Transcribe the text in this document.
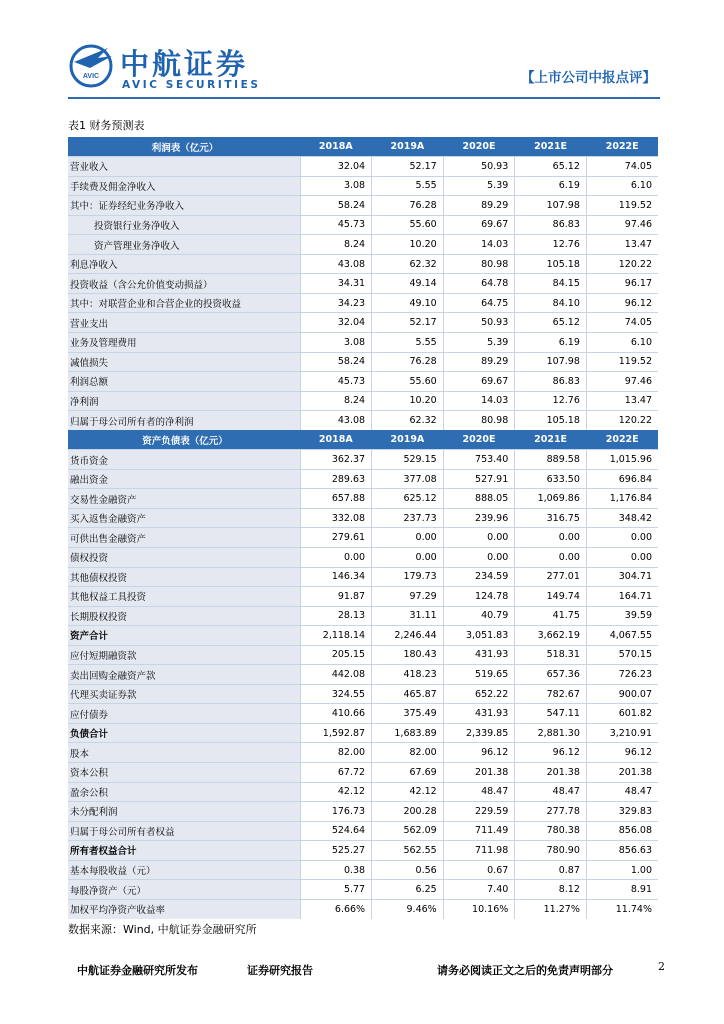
AVIC 中航证券
AVIC SECURITIES	【上市公司中报点评】
表1 财务预测表
利润表（亿元）	2018A	2019A	2020E	2021E	2022E
营业收入	32.04	52.17	50.93	65.12	74.05
手续费及佣金净收入	3.08	5.55	5.39	6.19	6.10
其中：证券经纪业务净收入	58.24	76.28	89.29	107.98	119.52
投资银行业务净收入	45.73	55.60	69.67	86.83	97.46
资产管理业务净收入	8.24	10.20	14.03	12.76	13.47
利息净收入	43.08	62.32	80.98	105.18	120.22
投资收益（含公允价值变动损益）	34.31	49.14	64.78	84.15	96.17
其中：对联营企业和合营企业的投资收益	34.23	49.10	64.75	84.10	96.12
营业支出	32.04	52.17	50.93	65.12	74.05
业务及管理费用	3.08	5.55	5.39	6.19	6.10
减值损失	58.24	76.28	89.29	107.98	119.52
利润总额	45.73	55.60	69.67	86.83	97.46
净利润	8.24	10.20	14.03	12.76	13.47
归属于母公司所有者的净利润	43.08	62.32	80.98	105.18	120.22
资产负债表（亿元）	2018A	2019A	2020E	2021E	2022E
货币资金	362.37	529.15	753.40	889.58	1,015.96
融出资金	289.63	377.08	527.91	633.50	696.84
交易性金融资产	657.88	625.12	888.05	1,069.86	1,176.84
买入返售金融资产	332.08	237.73	239.96	316.75	348.42
可供出售金融资产	279.61	0.00	0.00	0.00	0.00
债权投资	0.00	0.00	0.00	0.00	0.00
其他债权投资	146.34	179.73	234.59	277.01	304.71
其他权益工具投资	91.87	97.29	124.78	149.74	164.71
长期股权投资	28.13	31.11	40.79	41.75	39.59
资产合计	2,118.14	2,246.44	3,051.83	3,662.19	4,067.55
应付短期融资款	205.15	180.43	431.93	518.31	570.15
卖出回购金融资产款	442.08	418.23	519.65	657.36	726.23
代理买卖证券款	324.55	465.87	652.22	782.67	900.07
应付债券	410.66	375.49	431.93	547.11	601.82
负债合计	1,592.87	1,683.89	2,339.85	2,881.30	3,210.91
股本	82.00	82.00	96.12	96.12	96.12
资本公积	67.72	67.69	201.38	201.38	201.38
盈余公积	42.12	42.12	48.47	48.47	48.47
未分配利润	176.73	200.28	229.59	277.78	329.83
归属于母公司所有者权益	524.64	562.09	711.49	780.38	856.08
所有者权益合计	525.27	562.55	711.98	780.90	856.63
基本每股收益（元）	0.38	0.56	0.67	0.87	1.00
每股净资产（元）	5.77	6.25	7.40	8.12	8.91
加权平均净资产收益率	6.66%	9.46%	10.16%	11.27%	11.74%
数据来源：Wind, 中航证券金融研究所
中航证券金融研究所发布	证券研究报告	请务必阅读正文之后的免责声明部分	2
